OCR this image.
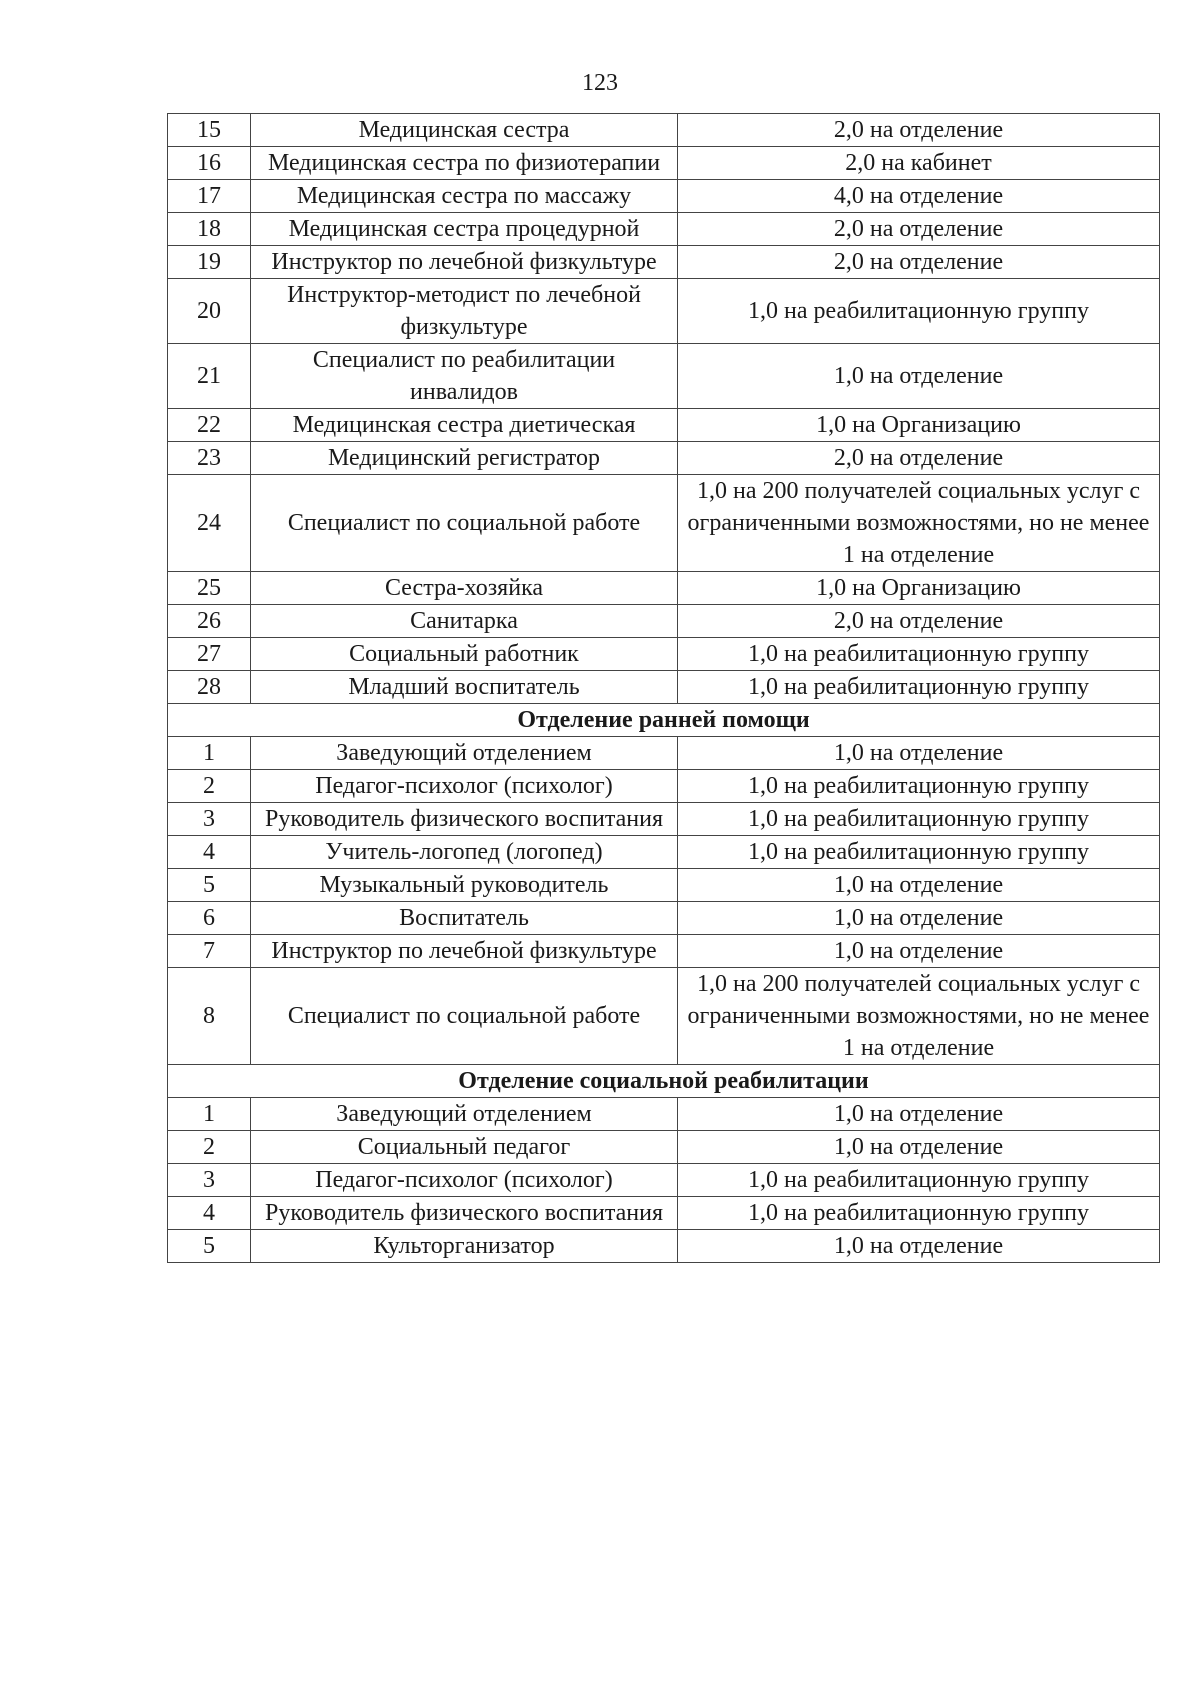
123
15	Медицинская сестра	2,0 на отделение
16	Медицинская сестра по физиотерапии	2,0 на кабинет
17	Медицинская сестра по массажу	4,0 на отделение
18	Медицинская сестра процедурной	2,0 на отделение
19	Инструктор по лечебной физкультуре	2,0 на отделение
20	Инструктор-методист по лечебной физкультуре	1,0 на реабилитационную группу
21	Специалист по реабилитации инвалидов	1,0 на отделение
22	Медицинская сестра диетическая	1,0 на Организацию
23	Медицинский регистратор	2,0 на отделение
24	Специалист по социальной работе	1,0 на 200 получателей социальных услуг с ограниченными возможностями, но не менее 1 на отделение
25	Сестра-хозяйка	1,0 на Организацию
26	Санитарка	2,0 на отделение
27	Социальный работник	1,0 на реабилитационную группу
28	Младший воспитатель	1,0 на реабилитационную группу
Отделение ранней помощи		
1	Заведующий отделением	1,0 на отделение
2	Педагог-психолог (психолог)	1,0 на реабилитационную группу
3	Руководитель физического воспитания	1,0 на реабилитационную группу
4	Учитель-логопед (логопед)	1,0 на реабилитационную группу
5	Музыкальный руководитель	1,0 на отделение
6	Воспитатель	1,0 на отделение
7	Инструктор по лечебной физкультуре	1,0 на отделение
8	Специалист по социальной работе	1,0 на 200 получателей социальных услуг с ограниченными возможностями, но не менее 1 на отделение
Отделение социальной реабилитации		
1	Заведующий отделением	1,0 на отделение
2	Социальный педагог	1,0 на отделение
3	Педагог-психолог (психолог)	1,0 на реабилитационную группу
4	Руководитель физического воспитания	1,0 на реабилитационную группу
5	Культорганизатор	1,0 на отделение
